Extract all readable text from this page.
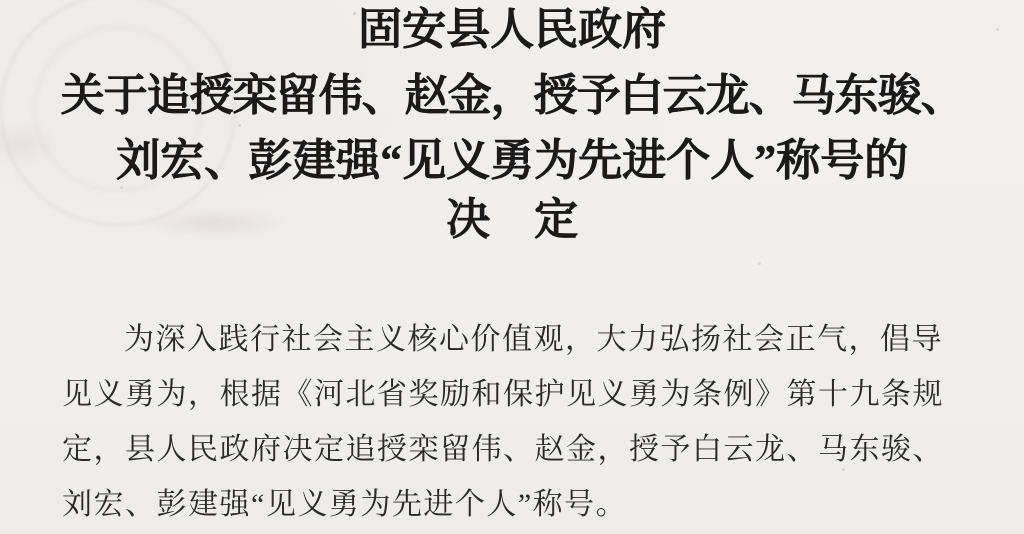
固安县人民政府
关于追授栾留伟、赵金，授予白云龙、马东骏、
刘宏、彭建强“见义勇为先进个人”称号的
决　定

为深入践行社会主义核心价值观，大力弘扬社会正气，倡导

见义勇为，根据《河北省奖励和保护见义勇为条例》第十九条规

定，县人民政府决定追授栾留伟、赵金，授予白云龙、马东骏、

刘宏、彭建强“见义勇为先进个人”称号。
